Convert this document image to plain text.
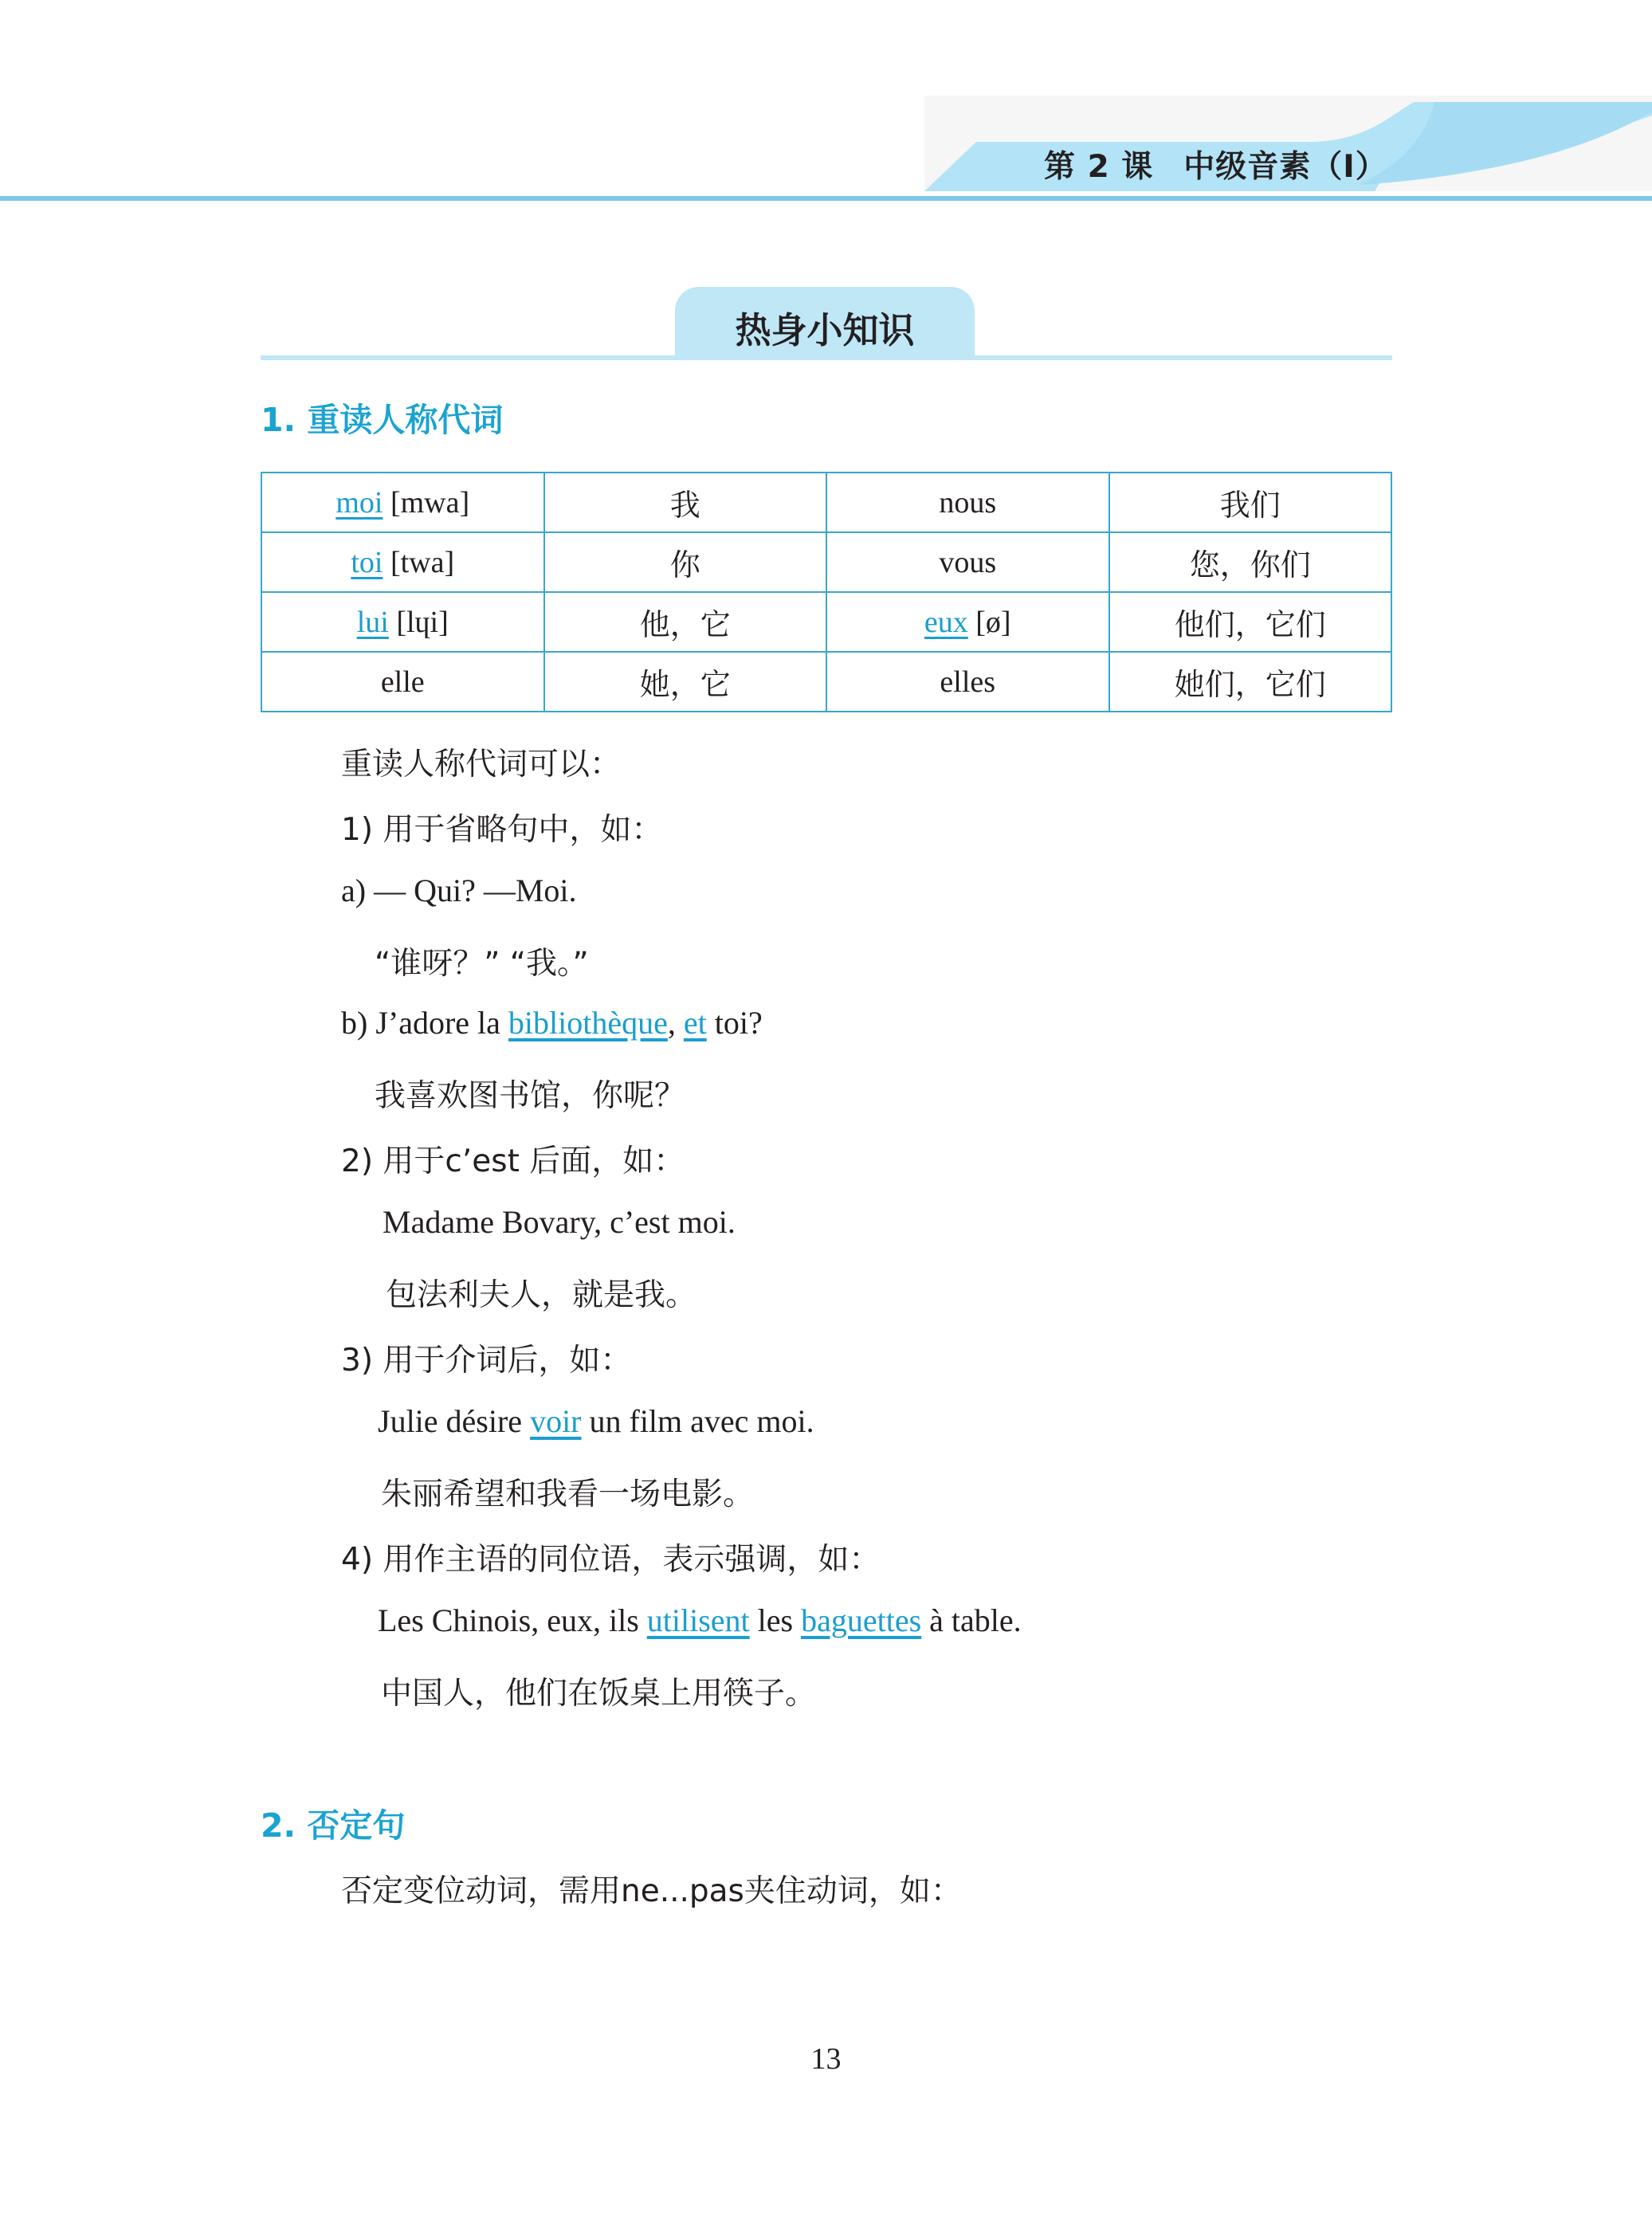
第 2 课 中级音素（I）
热身小知识
1. 重读人称代词
moi [mwa]	我	nous	我们
toi [twa]	你	vous	您，你们
lui [lɥi]	他，它	eux [ø]	他们，它们
elle	她，它	elles	她们，它们
重读人称代词可以：
1) 用于省略句中，如：
a) — Qui? —Moi.
“谁呀？” “我。”
b) J’adore la bibliothèque, et toi?
我喜欢图书馆，你呢？
2) 用于c’est 后面，如：
Madame Bovary, c’est moi.
包法利夫人，就是我。
3) 用于介词后，如：
Julie désire voir un film avec moi.
朱丽希望和我看一场电影。
4) 用作主语的同位语，表示强调，如：
Les Chinois, eux, ils utilisent les baguettes à table.
中国人，他们在饭桌上用筷子。
2. 否定句
否定变位动词，需用ne...pas夹住动词，如：
13
